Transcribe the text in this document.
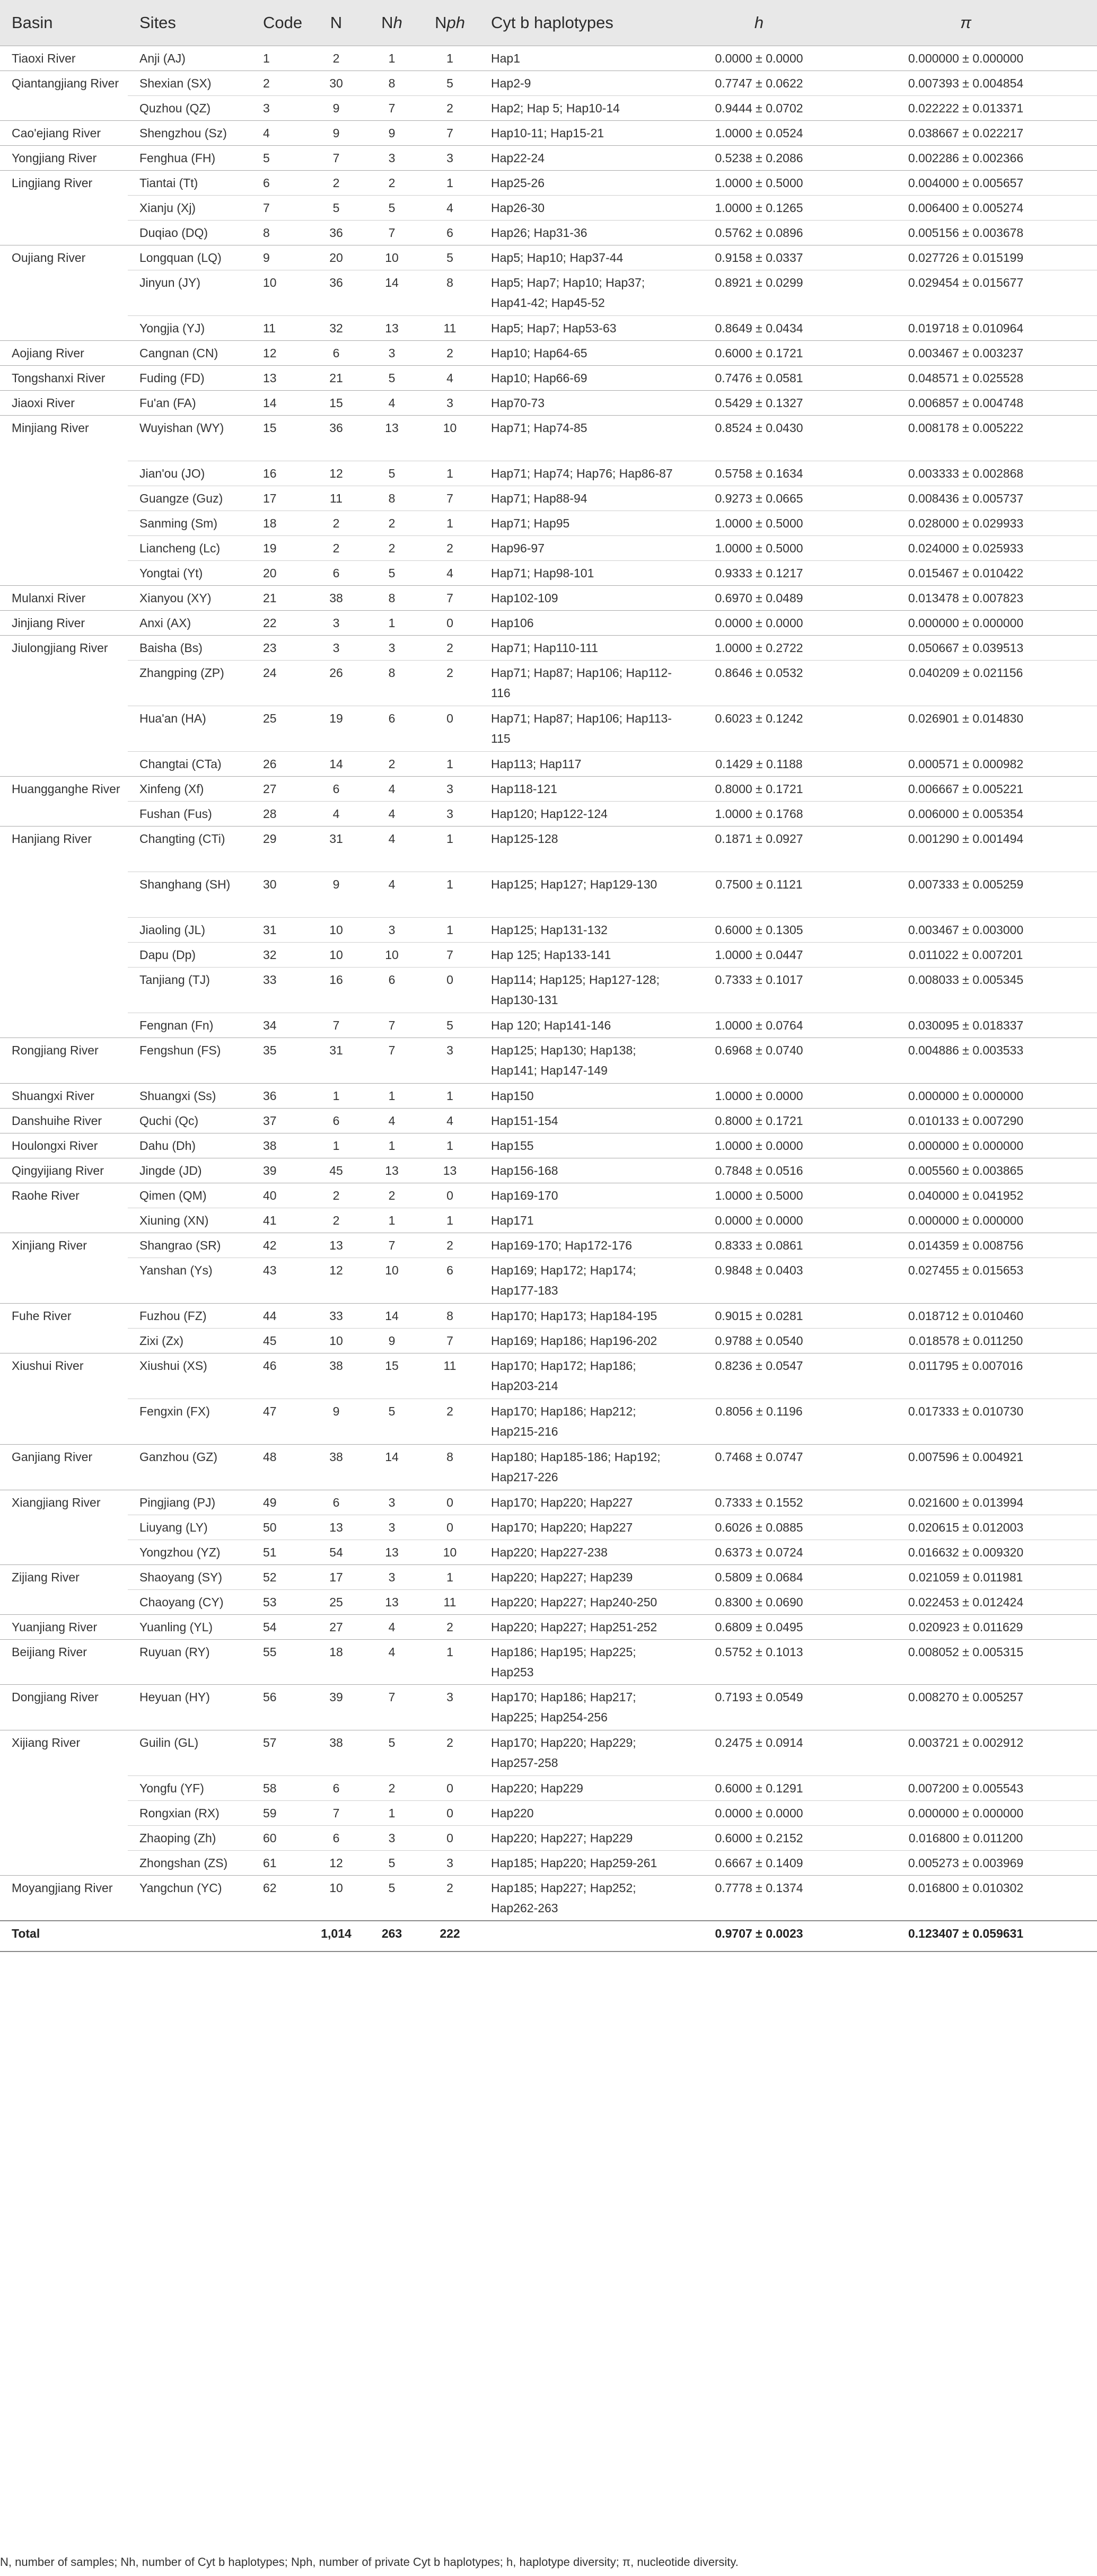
Basin	Sites	Code	N	Nh	Nph	Cyt b haplotypes	h	π
Tiaoxi River	Anji (AJ)	1	2	1	1	Hap1	0.0000 ± 0.0000	0.000000 ± 0.000000
Qiantangjiang River	Shexian (SX)	2	30	8	5	Hap2-9	0.7747 ± 0.0622	0.007393 ± 0.004854
	Quzhou (QZ)	3	9	7	2	Hap2; Hap 5; Hap10-14	0.9444 ± 0.0702	0.022222 ± 0.013371
Cao'ejiang River	Shengzhou (Sz)	4	9	9	7	Hap10-11; Hap15-21	1.0000 ± 0.0524	0.038667 ± 0.022217
Yongjiang River	Fenghua (FH)	5	7	3	3	Hap22-24	0.5238 ± 0.2086	0.002286 ± 0.002366
Lingjiang River	Tiantai (Tt)	6	2	2	1	Hap25-26	1.0000 ± 0.5000	0.004000 ± 0.005657
	Xianju (Xj)	7	5	5	4	Hap26-30	1.0000 ± 0.1265	0.006400 ± 0.005274
	Duqiao (DQ)	8	36	7	6	Hap26; Hap31-36	0.5762 ± 0.0896	0.005156 ± 0.003678
Oujiang River	Longquan (LQ)	9	20	10	5	Hap5; Hap10; Hap37-44	0.9158 ± 0.0337	0.027726 ± 0.015199
	Jinyun (JY)	10	36	14	8	Hap5; Hap7; Hap10; Hap37; Hap41-42; Hap45-52	0.8921 ± 0.0299	0.029454 ± 0.015677
	Yongjia (YJ)	11	32	13	11	Hap5; Hap7; Hap53-63	0.8649 ± 0.0434	0.019718 ± 0.010964
Aojiang River	Cangnan (CN)	12	6	3	2	Hap10; Hap64-65	0.6000 ± 0.1721	0.003467 ± 0.003237
Tongshanxi River	Fuding (FD)	13	21	5	4	Hap10; Hap66-69	0.7476 ± 0.0581	0.048571 ± 0.025528
Jiaoxi River	Fu'an (FA)	14	15	4	3	Hap70-73	0.5429 ± 0.1327	0.006857 ± 0.004748
Minjiang River	Wuyishan (WY)	15	36	13	10	Hap71; Hap74-85	0.8524 ± 0.0430	0.008178 ± 0.005222
	Jian'ou (JO)	16	12	5	1	Hap71; Hap74; Hap76; Hap86-87	0.5758 ± 0.1634	0.003333 ± 0.002868
	Guangze (Guz)	17	11	8	7	Hap71; Hap88-94	0.9273 ± 0.0665	0.008436 ± 0.005737
	Sanming (Sm)	18	2	2	1	Hap71; Hap95	1.0000 ± 0.5000	0.028000 ± 0.029933
	Liancheng (Lc)	19	2	2	2	Hap96-97	1.0000 ± 0.5000	0.024000 ± 0.025933
	Yongtai (Yt)	20	6	5	4	Hap71; Hap98-101	0.9333 ± 0.1217	0.015467 ± 0.010422
Mulanxi River	Xianyou (XY)	21	38	8	7	Hap102-109	0.6970 ± 0.0489	0.013478 ± 0.007823
Jinjiang River	Anxi (AX)	22	3	1	0	Hap106	0.0000 ± 0.0000	0.000000 ± 0.000000
Jiulongjiang River	Baisha (Bs)	23	3	3	2	Hap71; Hap110-111	1.0000 ± 0.2722	0.050667 ± 0.039513
	Zhangping (ZP)	24	26	8	2	Hap71; Hap87; Hap106; Hap112-116	0.8646 ± 0.0532	0.040209 ± 0.021156
	Hua'an (HA)	25	19	6	0	Hap71; Hap87; Hap106; Hap113-115	0.6023 ± 0.1242	0.026901 ± 0.014830
	Changtai (CTa)	26	14	2	1	Hap113; Hap117	0.1429 ± 0.1188	0.000571 ± 0.000982
Huangganghe River	Xinfeng (Xf)	27	6	4	3	Hap118-121	0.8000 ± 0.1721	0.006667 ± 0.005221
	Fushan (Fus)	28	4	4	3	Hap120; Hap122-124	1.0000 ± 0.1768	0.006000 ± 0.005354
Hanjiang River	Changting (CTi)	29	31	4	1	Hap125-128	0.1871 ± 0.0927	0.001290 ± 0.001494
	Shanghang (SH)	30	9	4	1	Hap125; Hap127; Hap129-130	0.7500 ± 0.1121	0.007333 ± 0.005259
	Jiaoling (JL)	31	10	3	1	Hap125; Hap131-132	0.6000 ± 0.1305	0.003467 ± 0.003000
	Dapu (Dp)	32	10	10	7	Hap 125; Hap133-141	1.0000 ± 0.0447	0.011022 ± 0.007201
	Tanjiang (TJ)	33	16	6	0	Hap114; Hap125; Hap127-128; Hap130-131	0.7333 ± 0.1017	0.008033 ± 0.005345
	Fengnan (Fn)	34	7	7	5	Hap 120; Hap141-146	1.0000 ± 0.0764	0.030095 ± 0.018337
Rongjiang River	Fengshun (FS)	35	31	7	3	Hap125; Hap130; Hap138; Hap141; Hap147-149	0.6968 ± 0.0740	0.004886 ± 0.003533
Shuangxi River	Shuangxi (Ss)	36	1	1	1	Hap150	1.0000 ± 0.0000	0.000000 ± 0.000000
Danshuihe River	Quchi (Qc)	37	6	4	4	Hap151-154	0.8000 ± 0.1721	0.010133 ± 0.007290
Houlongxi River	Dahu (Dh)	38	1	1	1	Hap155	1.0000 ± 0.0000	0.000000 ± 0.000000
Qingyijiang River	Jingde (JD)	39	45	13	13	Hap156-168	0.7848 ± 0.0516	0.005560 ± 0.003865
Raohe River	Qimen (QM)	40	2	2	0	Hap169-170	1.0000 ± 0.5000	0.040000 ± 0.041952
	Xiuning (XN)	41	2	1	1	Hap171	0.0000 ± 0.0000	0.000000 ± 0.000000
Xinjiang River	Shangrao (SR)	42	13	7	2	Hap169-170; Hap172-176	0.8333 ± 0.0861	0.014359 ± 0.008756
	Yanshan (Ys)	43	12	10	6	Hap169; Hap172; Hap174; Hap177-183	0.9848 ± 0.0403	0.027455 ± 0.015653
Fuhe River	Fuzhou (FZ)	44	33	14	8	Hap170; Hap173; Hap184-195	0.9015 ± 0.0281	0.018712 ± 0.010460
	Zixi (Zx)	45	10	9	7	Hap169; Hap186; Hap196-202	0.9788 ± 0.0540	0.018578 ± 0.011250
Xiushui River	Xiushui (XS)	46	38	15	11	Hap170; Hap172; Hap186; Hap203-214	0.8236 ± 0.0547	0.011795 ± 0.007016
	Fengxin (FX)	47	9	5	2	Hap170; Hap186; Hap212; Hap215-216	0.8056 ± 0.1196	0.017333 ± 0.010730
Ganjiang River	Ganzhou (GZ)	48	38	14	8	Hap180; Hap185-186; Hap192; Hap217-226	0.7468 ± 0.0747	0.007596 ± 0.004921
Xiangjiang River	Pingjiang (PJ)	49	6	3	0	Hap170; Hap220; Hap227	0.7333 ± 0.1552	0.021600 ± 0.013994
	Liuyang (LY)	50	13	3	0	Hap170; Hap220; Hap227	0.6026 ± 0.0885	0.020615 ± 0.012003
	Yongzhou (YZ)	51	54	13	10	Hap220; Hap227-238	0.6373 ± 0.0724	0.016632 ± 0.009320
Zijiang River	Shaoyang (SY)	52	17	3	1	Hap220; Hap227; Hap239	0.5809 ± 0.0684	0.021059 ± 0.011981
	Chaoyang (CY)	53	25	13	11	Hap220; Hap227; Hap240-250	0.8300 ± 0.0690	0.022453 ± 0.012424
Yuanjiang River	Yuanling (YL)	54	27	4	2	Hap220; Hap227; Hap251-252	0.6809 ± 0.0495	0.020923 ± 0.011629
Beijiang River	Ruyuan (RY)	55	18	4	1	Hap186; Hap195; Hap225; Hap253	0.5752 ± 0.1013	0.008052 ± 0.005315
Dongjiang River	Heyuan (HY)	56	39	7	3	Hap170; Hap186; Hap217; Hap225; Hap254-256	0.7193 ± 0.0549	0.008270 ± 0.005257
Xijiang River	Guilin (GL)	57	38	5	2	Hap170; Hap220; Hap229; Hap257-258	0.2475 ± 0.0914	0.003721 ± 0.002912
	Yongfu (YF)	58	6	2	0	Hap220; Hap229	0.6000 ± 0.1291	0.007200 ± 0.005543
	Rongxian (RX)	59	7	1	0	Hap220	0.0000 ± 0.0000	0.000000 ± 0.000000
	Zhaoping (Zh)	60	6	3	0	Hap220; Hap227; Hap229	0.6000 ± 0.2152	0.016800 ± 0.011200
	Zhongshan (ZS)	61	12	5	3	Hap185; Hap220; Hap259-261	0.6667 ± 0.1409	0.005273 ± 0.003969
Moyangjiang River	Yangchun (YC)	62	10	5	2	Hap185; Hap227; Hap252; Hap262-263	0.7778 ± 0.1374	0.016800 ± 0.010302
Total			1,014	263	222		0.9707 ± 0.0023	0.123407 ± 0.059631
N, number of samples; Nh, number of Cyt b haplotypes; Nph, number of private Cyt b haplotypes; h, haplotype diversity; π, nucleotide diversity.
